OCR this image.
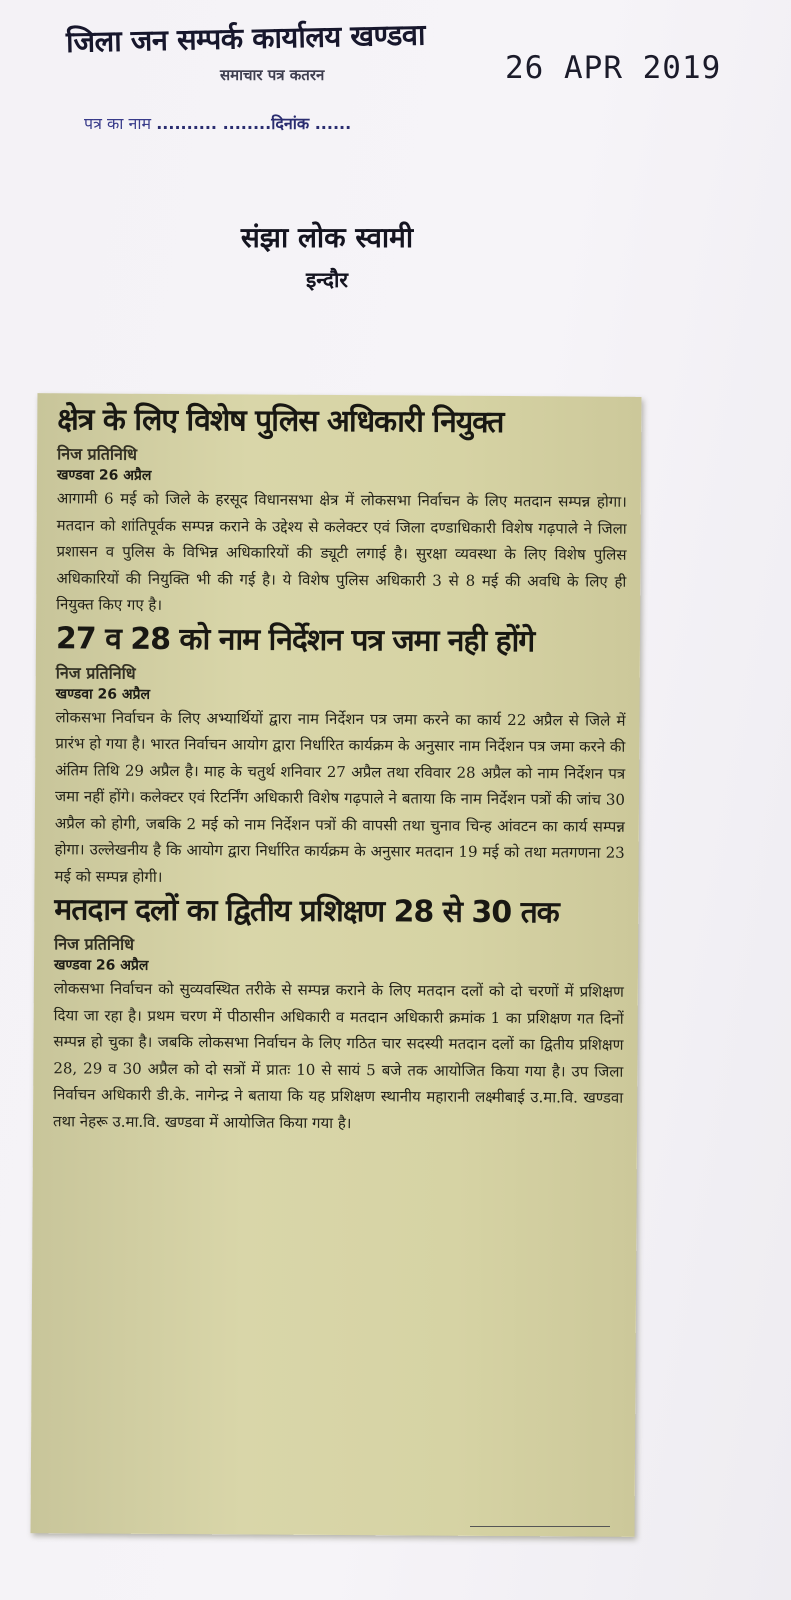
जिला जन सम्पर्क कार्यालय खण्डवा
समाचार पत्र कतरन	26 APR 2019
पत्र का नाम .......... ........दिनांक ......
संझा लोक स्वामी
इन्दौर
क्षेत्र के लिए विशेष पुलिस अधिकारी नियुक्त
निज प्रतिनिधि
खण्डवा 26 अप्रैल

आगामी 6 मई को जिले के हरसूद विधानसभा क्षेत्र में लोकसभा निर्वाचन के लिए मतदान सम्पन्न होगा। मतदान को शांतिपूर्वक सम्पन्न कराने के उद्देश्य से कलेक्टर एवं जिला दण्डाधिकारी विशेष गढ़पाले ने जिला प्रशासन व पुलिस के विभिन्न अधिकारियों की ड्यूटी लगाई है। सुरक्षा व्यवस्था के लिए विशेष पुलिस अधिकारियों की नियुक्ति भी की गई है। ये विशेष पुलिस अधिकारी 3 से 8 मई की अवधि के लिए ही नियुक्त किए गए है।

27 व 28 को नाम निर्देशन पत्र जमा नही होंगे
निज प्रतिनिधि
खण्डवा 26 अप्रैल

लोकसभा निर्वाचन के लिए अभ्यार्थियों द्वारा नाम निर्देशन पत्र जमा करने का कार्य 22 अप्रैल से जिले में प्रारंभ हो गया है। भारत निर्वाचन आयोग द्वारा निर्धारित कार्यक्रम के अनुसार नाम निर्देशन पत्र जमा करने की अंतिम तिथि 29 अप्रैल है। माह के चतुर्थ शनिवार 27 अप्रैल तथा रविवार 28 अप्रैल को नाम निर्देशन पत्र जमा नहीं होंगे। कलेक्टर एवं रिटर्निंग अधिकारी विशेष गढ़पाले ने बताया कि नाम निर्देशन पत्रों की जांच 30 अप्रैल को होगी, जबकि 2 मई को नाम निर्देशन पत्रों की वापसी तथा चुनाव चिन्ह आंवटन का कार्य सम्पन्न होगा। उल्लेखनीय है कि आयोग द्वारा निर्धारित कार्यक्रम के अनुसार मतदान 19 मई को तथा मतगणना 23 मई को सम्पन्न होगी।

मतदान दलों का द्वितीय प्रशिक्षण 28 से 30 तक
निज प्रतिनिधि
खण्डवा 26 अप्रैल

लोकसभा निर्वाचन को सुव्यवस्थित तरीके से सम्पन्न कराने के लिए मतदान दलों को दो चरणों में प्रशिक्षण दिया जा रहा है। प्रथम चरण में पीठासीन अधिकारी व मतदान अधिकारी क्रमांक 1 का प्रशिक्षण गत दिनों सम्पन्न हो चुका है। जबकि लोकसभा निर्वाचन के लिए गठित चार सदस्यी मतदान दलों का द्वितीय प्रशिक्षण 28, 29 व 30 अप्रैल को दो सत्रों में प्रातः 10 से सायं 5 बजे तक आयोजित किया गया है। उप जिला निर्वाचन अधिकारी डी.के. नागेन्द्र ने बताया कि यह प्रशिक्षण स्थानीय महारानी लक्ष्मीबाई उ.मा.वि. खण्डवा तथा नेहरू उ.मा.वि. खण्डवा में आयोजित किया गया है।
